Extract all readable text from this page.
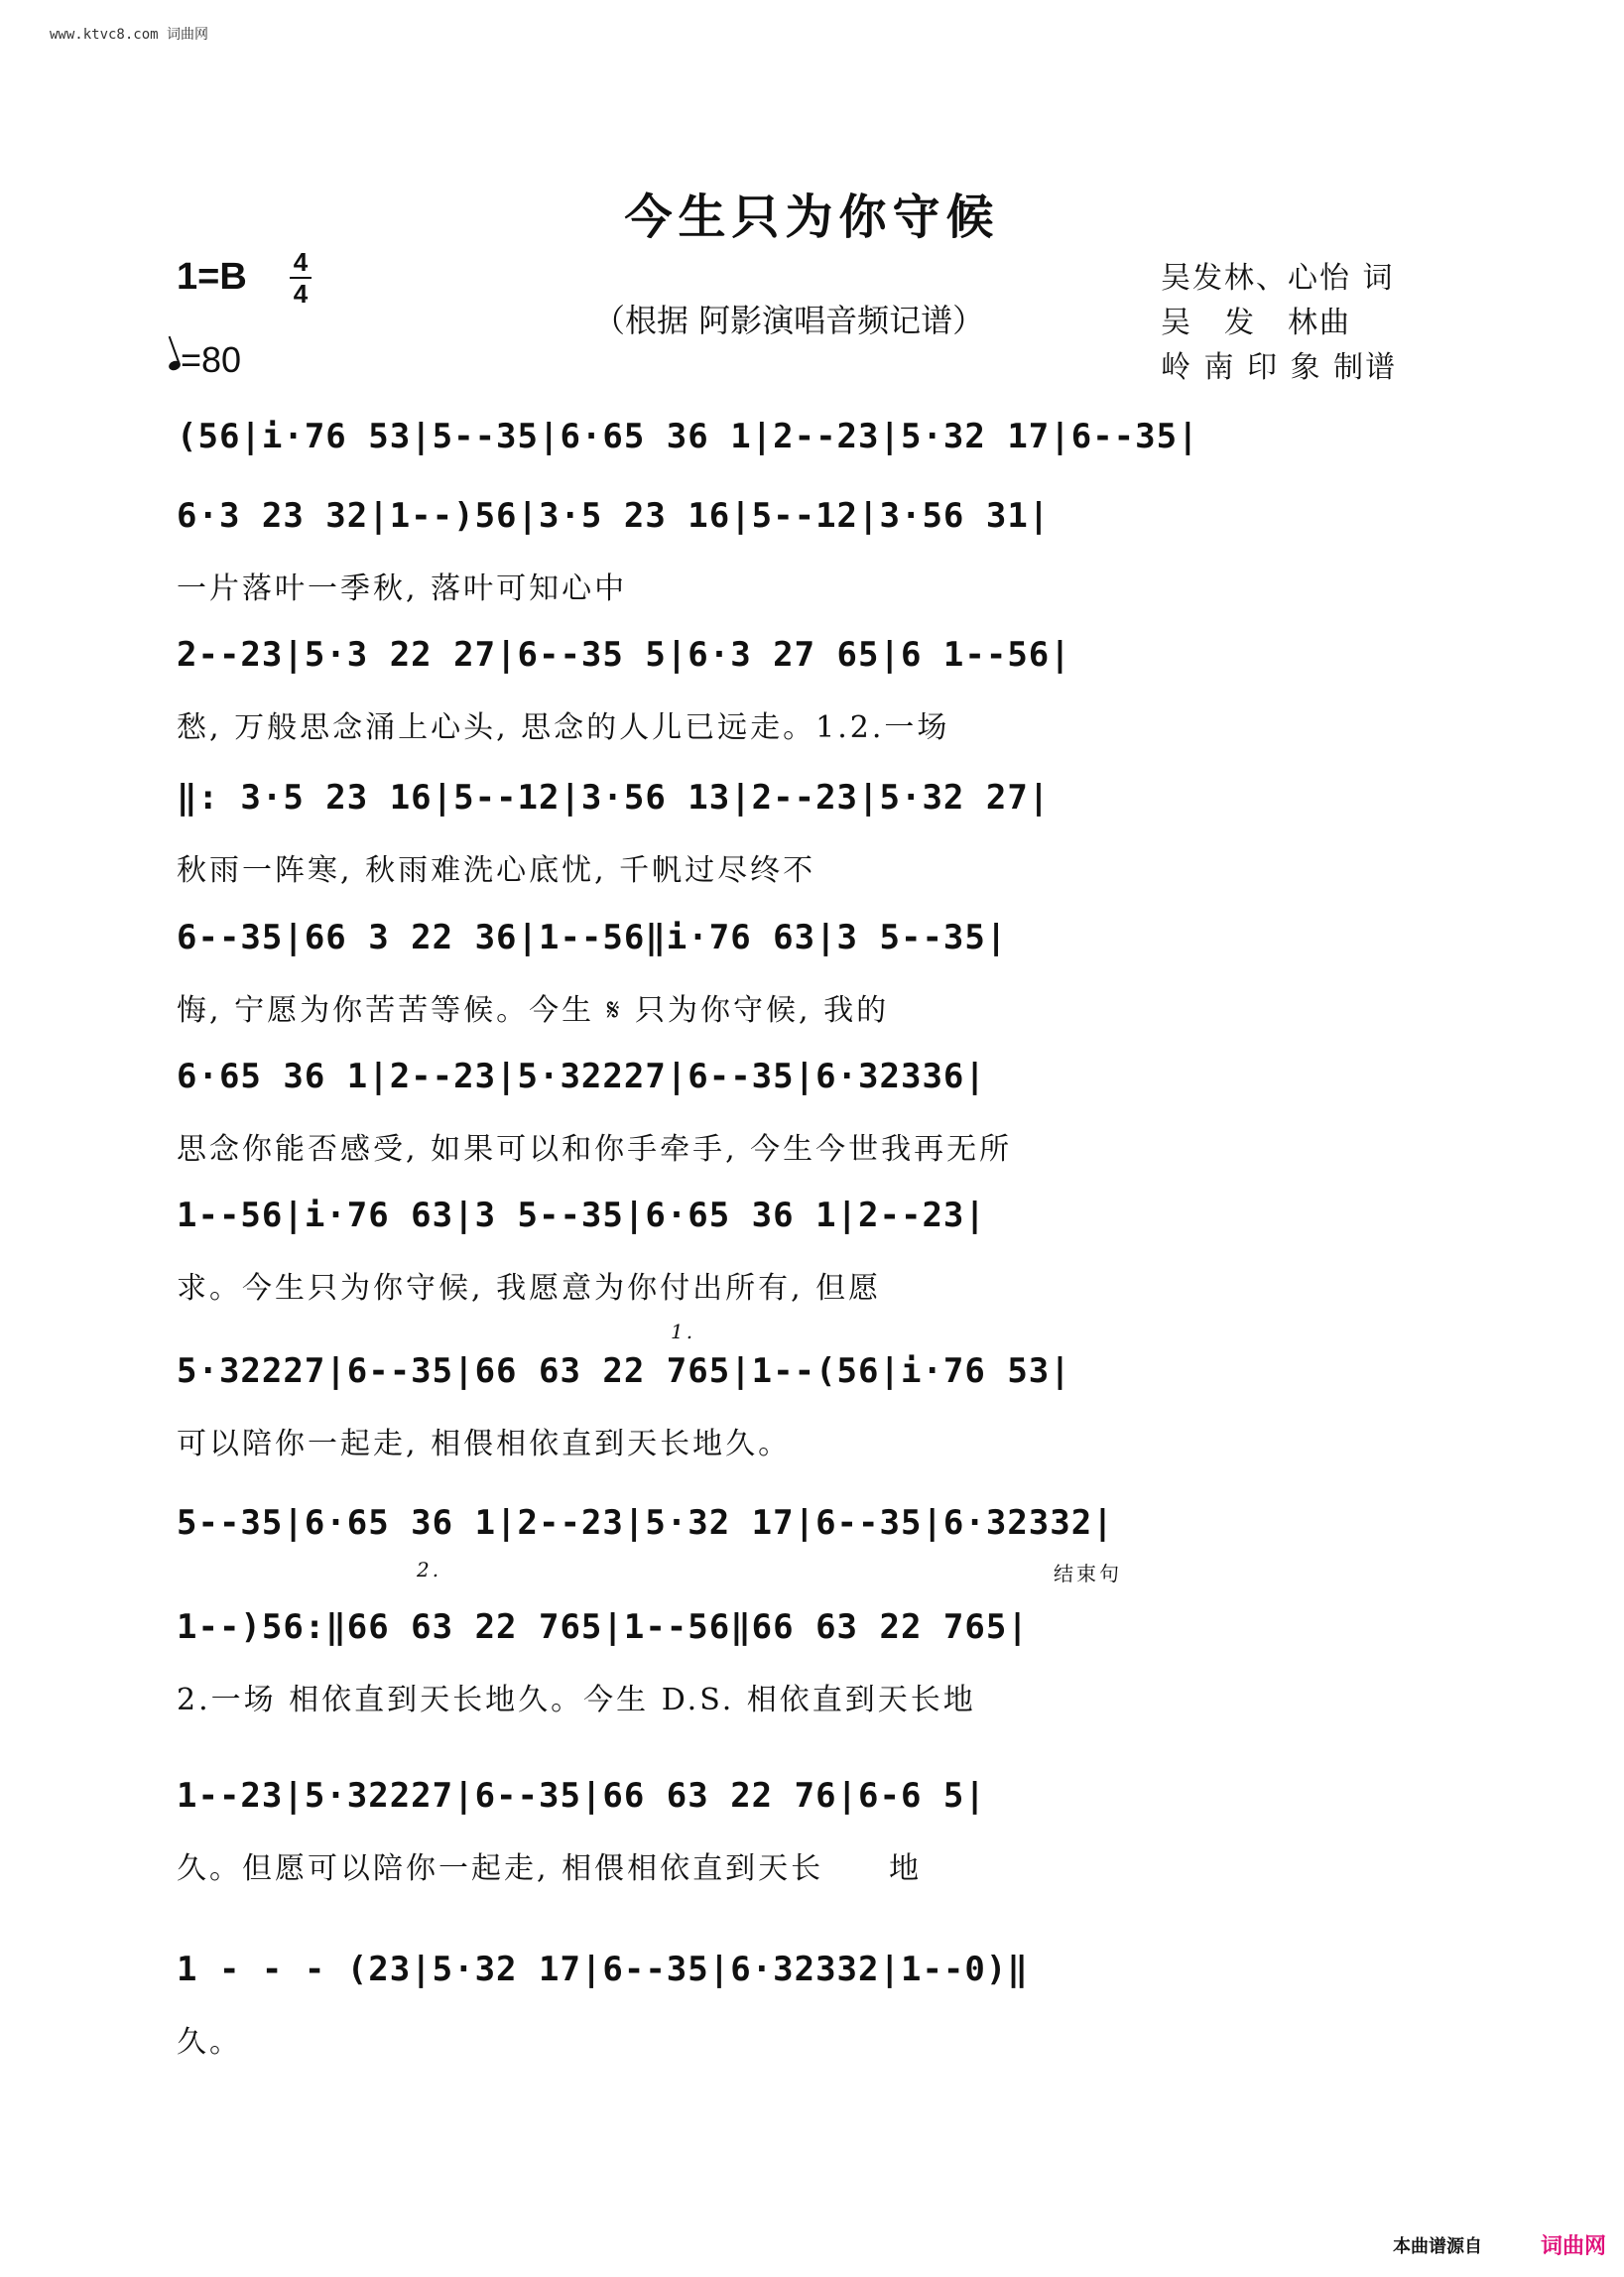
www.ktvc8.com 词曲网
今生只为你守候
1=B 4
4
=80
（根据 阿影演唱音频记谱）
吴发林、心怡 词
吴　发　林曲
岭 南 印 象 制谱
(56|i·76 53|5--35|6·65 36 1|2--23|5·32 17|6--35|
6·3 23 32|1--)56|3·5 23 16|5--12|3·56 31|
一片落叶一季秋, 落叶可知心中
2--23|5·3 22 27|6--35 5|6·3 27 65|6 1--56|
愁, 万般思念涌上心头, 思念的人儿已远走。1.2.一场
‖: 3·5 23 16|5--12|3·56 13|2--23|5·32 27|
秋雨一阵寒, 秋雨难洗心底忧, 千帆过尽终不
6--35|66 3 22 36|1--56‖i·76 63|3 5--35|
悔, 宁愿为你苦苦等候。今生 𝄋 只为你守候, 我的
6·65 36 1|2--23|5·32227|6--35|6·32336|
思念你能否感受, 如果可以和你手牵手, 今生今世我再无所
1--56|i·76 63|3 5--35|6·65 36 1|2--23|
求。今生只为你守候, 我愿意为你付出所有, 但愿
5·32227|6--35|66 63 22 765|1--(56|i·76 53|
可以陪你一起走, 相偎相依直到天长地久。
5--35|6·65 36 1|2--23|5·32 17|6--35|6·32332|
1--)56:‖66 63 22 765|1--56‖66 63 22 765|
2.一场 相依直到天长地久。今生 D.S. 相依直到天长地
1--23|5·32227|6--35|66 63 22 76|6-6 5|
久。但愿可以陪你一起走, 相偎相依直到天长　　地
1 - - - (23|5·32 17|6--35|6·32332|1--0)‖
久。
1.
2.	结束句
本曲谱源自	词曲网
